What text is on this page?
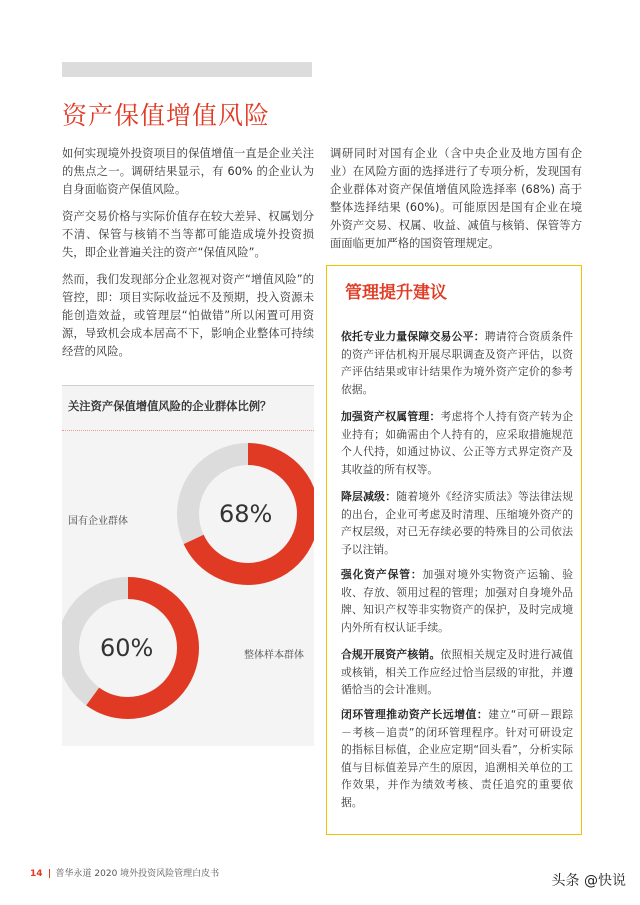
资产保值增值风险

如何实现境外投资项目的保值增值一直是企业关注的焦点之一。调研结果显示，有 60% 的企业认为自身面临资产保值风险。

资产交易价格与实际价值存在较大差异、权属划分不清、保管与核销不当等都可能造成境外投资损失，即企业普遍关注的资产“保值风险”。

然而，我们发现部分企业忽视对资产“增值风险”的管控，即：项目实际收益远不及预期，投入资源未能创造效益，或管理层“怕做错”所以闲置可用资源，导致机会成本居高不下，影响企业整体可持续经营的风险。

调研同时对国有企业（含中央企业及地方国有企业）在风险方面的选择进行了专项分析，发现国有企业群体对资产保值增值风险选择率 (68%) 高于整体选择结果 (60%)。可能原因是国有企业在境外资产交易、权属、收益、减值与核销、保管等方面面临更加严格的国资管理规定。

关注资产保值增值风险的企业群体比例？
国有企业群体	68%
整体样本群体
60%
管理提升建议

依托专业力量保障交易公平：聘请符合资质条件的资产评估机构开展尽职调查及资产评估，以资产评估结果或审计结果作为境外资产定价的参考依据。

加强资产权属管理：考虑将个人持有资产转为企业持有；如确需由个人持有的，应采取措施规范个人代持，如通过协议、公正等方式界定资产及其收益的所有权等。

降层减级：随着境外《经济实质法》等法律法规的出台，企业可考虑及时清理、压缩境外资产的产权层级，对已无存续必要的特殊目的公司依法予以注销。

强化资产保管：加强对境外实物资产运输、验收、存放、领用过程的管理；加强对自身境外品牌、知识产权等非实物资产的保护，及时完成境内外所有权认证手续。

合规开展资产核销。依照相关规定及时进行减值或核销，相关工作应经过恰当层级的审批，并遵循恰当的会计准则。

闭环管理推动资产长远增值：建立“可研－跟踪－考核－追责”的闭环管理程序。针对可研设定的指标目标值，企业应定期“回头看”，分析实际值与目标值差异产生的原因，追溯相关单位的工作效果，并作为绩效考核、责任追究的重要依据。

14 普华永道 2020 境外投资风险管理白皮书	头条 @快说
